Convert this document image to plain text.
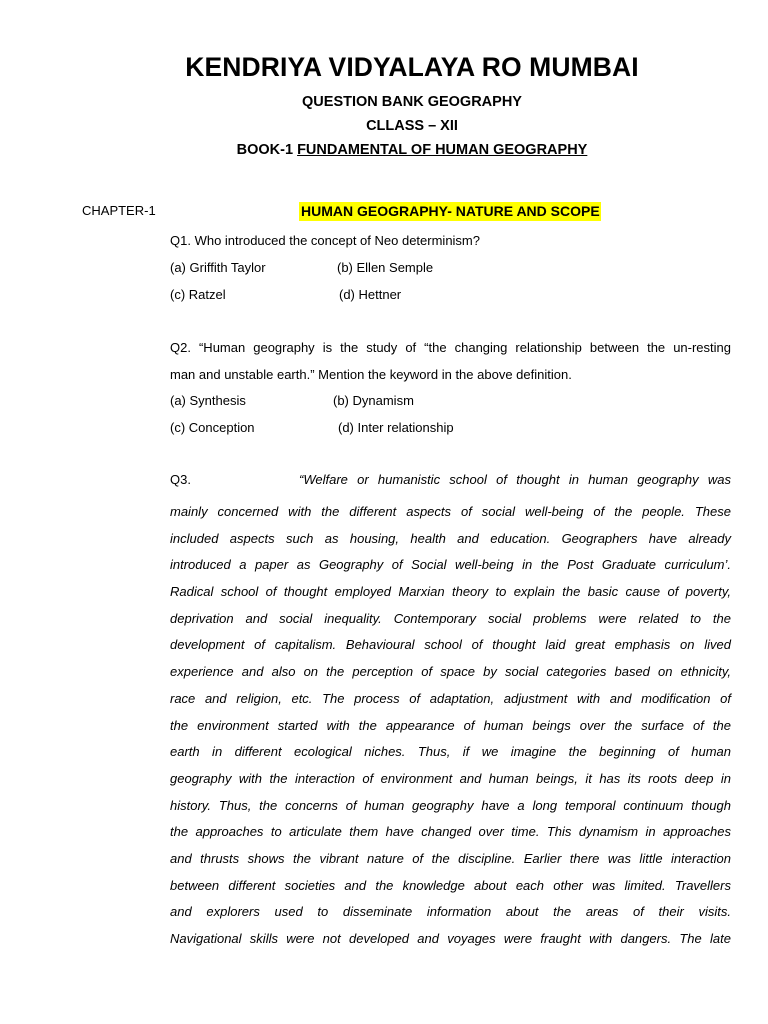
KENDRIYA VIDYALAYA RO MUMBAI
QUESTION BANK GEOGRAPHY
CLLASS – XII
BOOK-1 FUNDAMENTAL OF HUMAN GEOGRAPHY
CHAPTER-1	HUMAN GEOGRAPHY- NATURE AND SCOPE
Q1. Who introduced the concept of Neo determinism?
(a) Griffith Taylor	(b) Ellen Semple
(c) Ratzel	(d) Hettner
Q2. “Human geography is the study of “the changing relationship between the un-resting
man and unstable earth.” Mention the keyword in the above definition.
(a) Synthesis	(b) Dynamism
(c) Conception	(d) Inter relationship
Q3.	“Welfare or humanistic school of thought in human geography was
mainly concerned with the different aspects of social well-being of the people. These
included aspects such as housing, health and education. Geographers have already
introduced a paper as Geography of Social well-being in the Post Graduate curriculum’.
Radical school of thought employed Marxian theory to explain the basic cause of poverty,
deprivation and social inequality. Contemporary social problems were related to the
development of capitalism. Behavioural school of thought laid great emphasis on lived
experience and also on the perception of space by social categories based on ethnicity,
race and religion, etc. The process of adaptation, adjustment with and modification of
the environment started with the appearance of human beings over the surface of the
earth in different ecological niches. Thus, if we imagine the beginning of human
geography with the interaction of environment and human beings, it has its roots deep in
history. Thus, the concerns of human geography have a long temporal continuum though
the approaches to articulate them have changed over time. This dynamism in approaches
and thrusts shows the vibrant nature of the discipline. Earlier there was little interaction
between different societies and the knowledge about each other was limited. Travellers
and explorers used to disseminate information about the areas of their visits.
Navigational skills were not developed and voyages were fraught with dangers. The late
